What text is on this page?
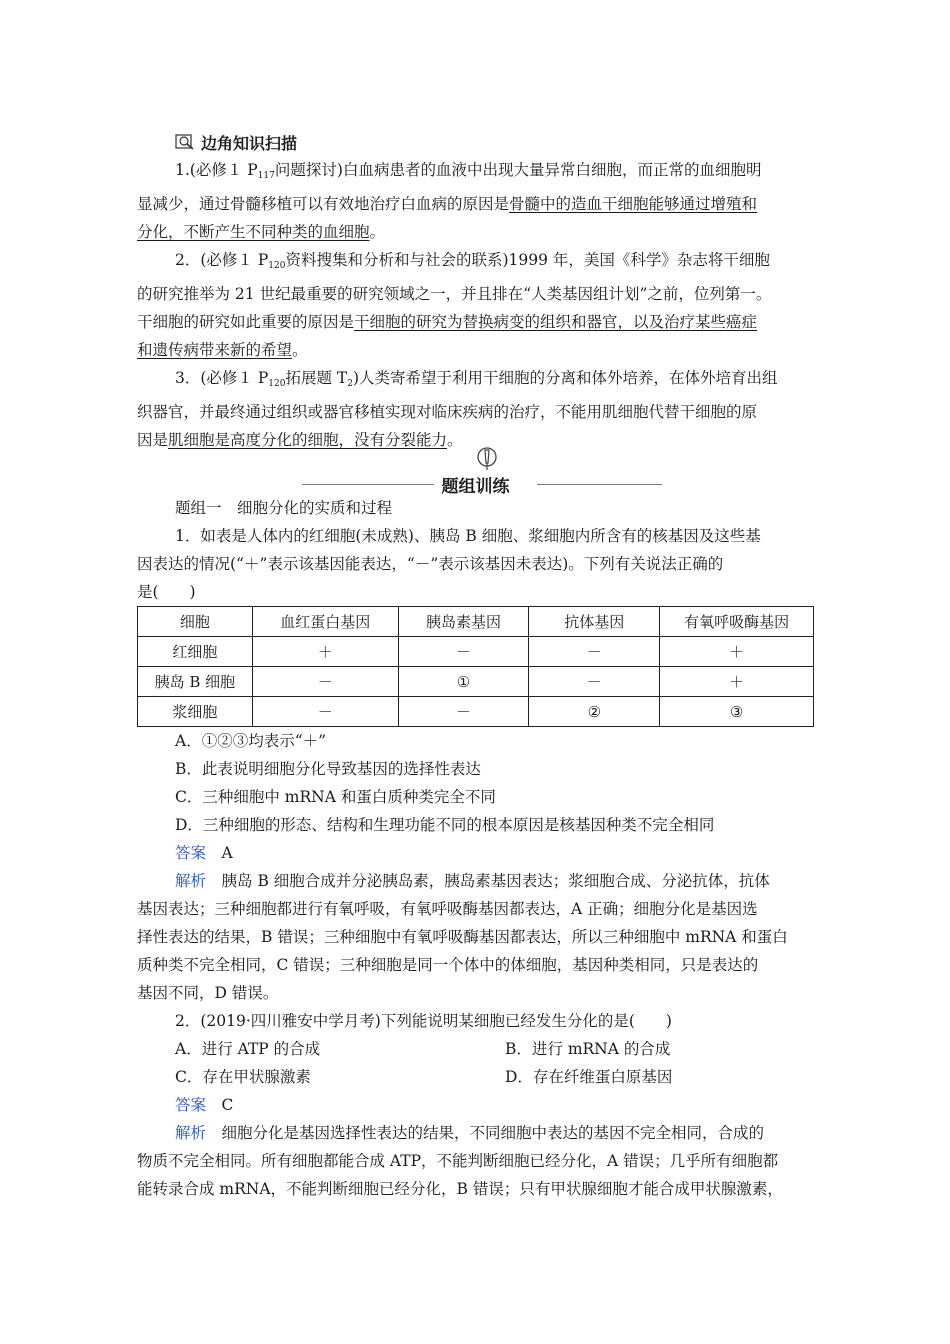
边角知识扫描
1.(必修１ $P_{117}$问题探讨)白血病患者的血液中出现大量异常白细胞，而正常的血细胞明
显减少，通过骨髓移植可以有效地治疗白血病的原因是骨髓中的造血干细胞能够通过增殖和
分化，不断产生不同种类的血细胞。
2．(必修１ $P_{120}$资料搜集和分析和与社会的联系)1999 年，美国《科学》杂志将干细胞
的研究推举为 21 世纪最重要的研究领域之一，并且排在“人类基因组计划”之前，位列第一。
干细胞的研究如此重要的原因是干细胞的研究为替换病变的组织和器官，以及治疗某些癌症
和遗传病带来新的希望。
3．(必修１ $P_{120}$拓展题 $T_2$)人类寄希望于利用干细胞的分离和体外培养，在体外培育出组
织器官，并最终通过组织或器官移植实现对临床疾病的治疗，不能用肌细胞代替干细胞的原
因是肌细胞是高度分化的细胞，没有分裂能力。
题组训练
题组一　细胞分化的实质和过程
1．如表是人体内的红细胞(未成熟)、胰岛 B 细胞、浆细胞内所含有的核基因及这些基
因表达的情况(“＋”表示该基因能表达，“－”表示该基因未表达)。下列有关说法正确的
是(　　)
细胞	血红蛋白基因	胰岛素基因	抗体基因	有氧呼吸酶基因
红细胞	＋	－	－	＋
胰岛 B 细胞	－	①	－	＋
浆细胞	－	－	②	③
A．①②③均表示“＋”
B．此表说明细胞分化导致基因的选择性表达
C．三种细胞中 mRNA 和蛋白质种类完全不同
D．三种细胞的形态、结构和生理功能不同的根本原因是核基因种类不完全相同
答案　 A
解析　 胰岛 B 细胞合成并分泌胰岛素，胰岛素基因表达；浆细胞合成、分泌抗体，抗体
基因表达；三种细胞都进行有氧呼吸，有氧呼吸酶基因都表达，A 正确；细胞分化是基因选
择性表达的结果，B 错误；三种细胞中有氧呼吸酶基因都表达，所以三种细胞中 mRNA 和蛋白
质种类不完全相同，C 错误；三种细胞是同一个体中的体细胞，基因种类相同，只是表达的
基因不同，D 错误。
2．(2019·四川雅安中学月考)下列能说明某细胞已经发生分化的是(　　)
A．进行 ATP 的合成	B．进行 mRNA 的合成
C．存在甲状腺激素	D．存在纤维蛋白原基因
答案　 C
解析　 细胞分化是基因选择性表达的结果，不同细胞中表达的基因不完全相同，合成的
物质不完全相同。所有细胞都能合成 ATP，不能判断细胞已经分化，A 错误；几乎所有细胞都
能转录合成 mRNA，不能判断细胞已经分化，B 错误；只有甲状腺细胞才能合成甲状腺激素，
